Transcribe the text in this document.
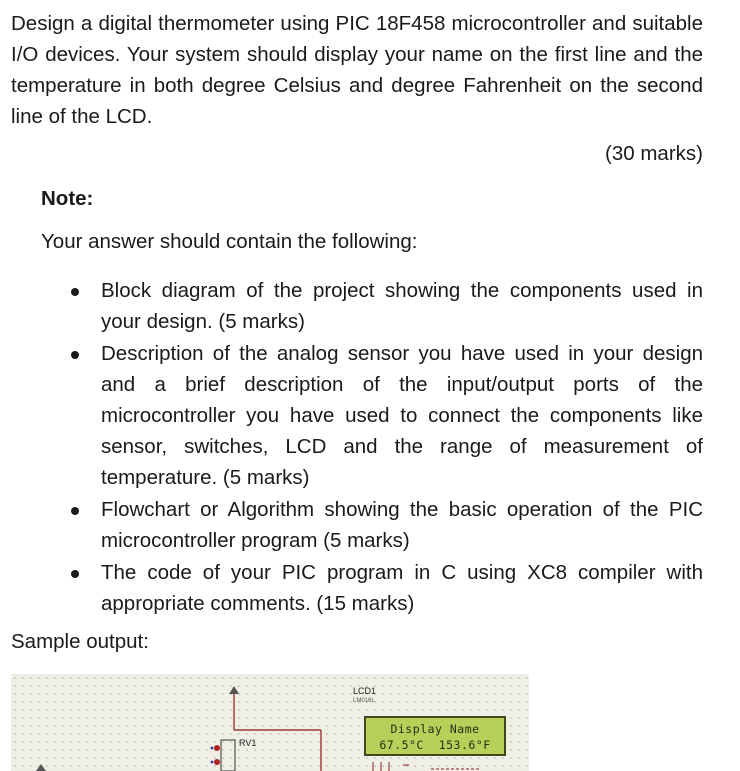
Design a digital thermometer using PIC 18F458 microcontroller and suitable I/O devices. Your system should display your name on the first line and the temperature in both degree Celsius and degree Fahrenheit on the second line of the LCD.
(30 marks)
Note:
Your answer should contain the following:
Block diagram of the project showing the components used in your design. (5 marks)
Description of the analog sensor you have used in your design and a brief description of the input/output ports of the microcontroller you have used to connect the components like sensor, switches, LCD and the range of measurement of temperature. (5 marks)
Flowchart or Algorithm showing the basic operation of the PIC microcontroller program (5 marks)
The code of your PIC program in C using XC8 compiler with appropriate comments. (15 marks)
Sample output:
LCD1
LM016L
RV1
Display Name
67.5°C  153.6°F
